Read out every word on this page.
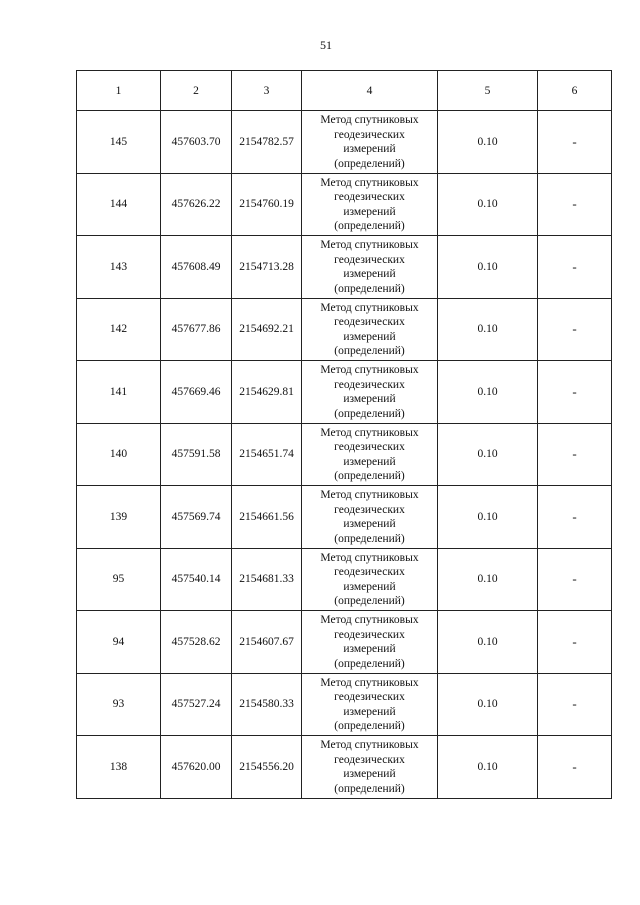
51
1	2	3	4	5	6
145	457603.70	2154782.57	Метод спутниковых
геодезических
измерений
(определений)	0.10	-
144	457626.22	2154760.19	Метод спутниковых
геодезических
измерений
(определений)	0.10	-
143	457608.49	2154713.28	Метод спутниковых
геодезических
измерений
(определений)	0.10	-
142	457677.86	2154692.21	Метод спутниковых
геодезических
измерений
(определений)	0.10	-
141	457669.46	2154629.81	Метод спутниковых
геодезических
измерений
(определений)	0.10	-
140	457591.58	2154651.74	Метод спутниковых
геодезических
измерений
(определений)	0.10	-
139	457569.74	2154661.56	Метод спутниковых
геодезических
измерений
(определений)	0.10	-
95	457540.14	2154681.33	Метод спутниковых
геодезических
измерений
(определений)	0.10	-
94	457528.62	2154607.67	Метод спутниковых
геодезических
измерений
(определений)	0.10	-
93	457527.24	2154580.33	Метод спутниковых
геодезических
измерений
(определений)	0.10	-
138	457620.00	2154556.20	Метод спутниковых
геодезических
измерений
(определений)	0.10	-
